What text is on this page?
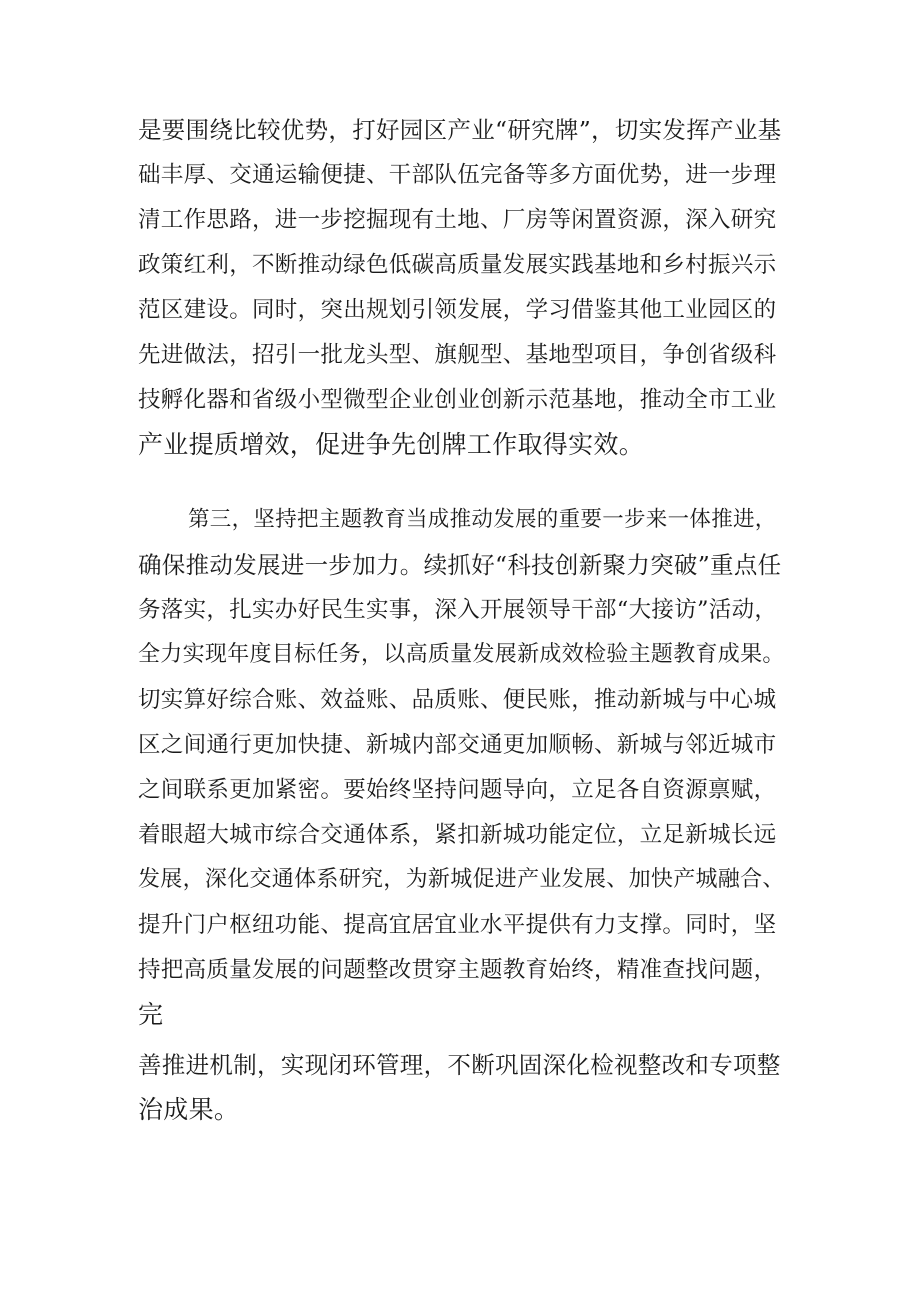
是要围绕比较优势，打好园区产业“研究牌”，切实发挥产业基

础丰厚、交通运输便捷、干部队伍完备等多方面优势，进一步理

清工作思路，进一步挖掘现有土地、厂房等闲置资源，深入研究

政策红利，不断推动绿色低碳高质量发展实践基地和乡村振兴示

范区建设。同时，突出规划引领发展，学习借鉴其他工业园区的

先进做法，招引一批龙头型、旗舰型、基地型项目，争创省级科

技孵化器和省级小型微型企业创业创新示范基地，推动全市工业

产业提质增效，促进争先创牌工作取得实效。

第三，坚持把主题教育当成推动发展的重要一步来一体推进，

确保推动发展进一步加力。续抓好“科技创新聚力突破”重点任

务落实，扎实办好民生实事，深入开展领导干部“大接访”活动，

全力实现年度目标任务，以高质量发展新成效检验主题教育成果。

切实算好综合账、效益账、品质账、便民账，推动新城与中心城

区之间通行更加快捷、新城内部交通更加顺畅、新城与邻近城市

之间联系更加紧密。要始终坚持问题导向，立足各自资源禀赋，

着眼超大城市综合交通体系，紧扣新城功能定位，立足新城长远

发展，深化交通体系研究，为新城促进产业发展、加快产城融合、

提升门户枢纽功能、提高宜居宜业水平提供有力支撑。同时，坚

持把高质量发展的问题整改贯穿主题教育始终，精准查找问题，

完

善推进机制，实现闭环管理，不断巩固深化检视整改和专项整

治成果。
